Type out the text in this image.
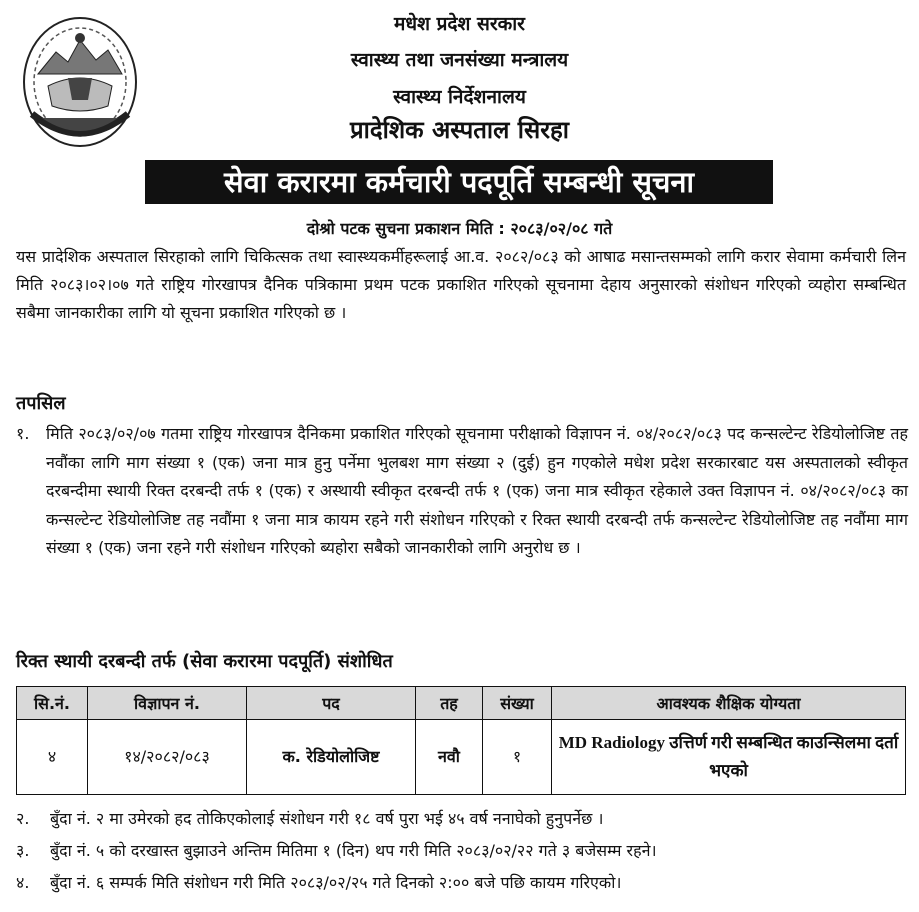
मधेश प्रदेश सरकार
स्वास्थ्य तथा जनसंख्या मन्त्रालय
स्वास्थ्य निर्देशनालय
प्रादेशिक अस्पताल सिरहा
सेवा करारमा कर्मचारी पदपूर्ति सम्बन्धी सूचना
दोश्रो पटक सुचना प्रकाशन मिति : २०८३/०२/०८ गते
यस प्रादेशिक अस्पताल सिरहाको लागि चिकित्सक तथा स्वास्थ्यकर्मीहरूलाई आ.व. २०८२/०८३ को आषाढ मसान्तसम्मको लागि करार सेवामा कर्मचारी लिन मिति २०८३।०२।०७ गते राष्ट्रिय गोरखापत्र दैनिक पत्रिकामा प्रथम पटक प्रकाशित गरिएको सूचनामा देहाय अनुसारको संशोधन गरिएको व्यहोरा सम्बन्धित सबैमा जानकारीका लागि यो सूचना प्रकाशित गरिएको छ ।
तपसिल
१.	मिति २०८३/०२/०७ गतमा राष्ट्रिय गोरखापत्र दैनिकमा प्रकाशित गरिएको सूचनामा परीक्षाको विज्ञापन नं. ०४/२०८२/०८३ पद कन्सल्टेन्ट रेडियोलोजिष्ट तह नवौंका लागि माग संख्या १ (एक) जना मात्र हुनु पर्नेमा भुलबश माग संख्या २ (दुई) हुन गएकोले मधेश प्रदेश सरकारबाट यस अस्पतालको स्वीकृत दरबन्दीमा स्थायी रिक्त दरबन्दी तर्फ १ (एक) र अस्थायी स्वीकृत दरबन्दी तर्फ १ (एक) जना मात्र स्वीकृत रहेकाले उक्त विज्ञापन नं. ०४/२०८२/०८३ का कन्सल्टेन्ट रेडियोलोजिष्ट तह नवौंमा १ जना मात्र कायम रहने गरी संशोधन गरिएको र रिक्त स्थायी दरबन्दी तर्फ कन्सल्टेन्ट रेडियोलोजिष्ट तह नवौंमा माग संख्या १ (एक) जना रहने गरी संशोधन गरिएको ब्यहोरा सबैको जानकारीको लागि अनुरोध छ ।
रिक्त स्थायी दरबन्दी तर्फ (सेवा करारमा पदपूर्ति) संशोधित
सि.नं.	विज्ञापन नं.	पद	तह	संख्या	आवश्यक शैक्षिक योग्यता
४	१४/२०८२/०८३	क. रेडियोलोजिष्ट	नवौ	१	MD Radiology उत्तिर्ण गरी सम्बन्धित काउन्सिलमा दर्ता भएको
२. बुँदा नं. २ मा उमेरको हद तोकिएकोलाई संशोधन गरी १८ वर्ष पुरा भई ४५ वर्ष ननाघेको हुनुपर्नेछ ।
३. बुँदा नं. ५ को दरखास्त बुझाउने अन्तिम मितिमा १ (दिन) थप गरी मिति २०८३/०२/२२ गते ३ बजेसम्म रहने।
४. बुँदा नं. ६ सम्पर्क मिति संशोधन गरी मिति २०८३/०२/२५ गते दिनको २:०० बजे पछि कायम गरिएको।
